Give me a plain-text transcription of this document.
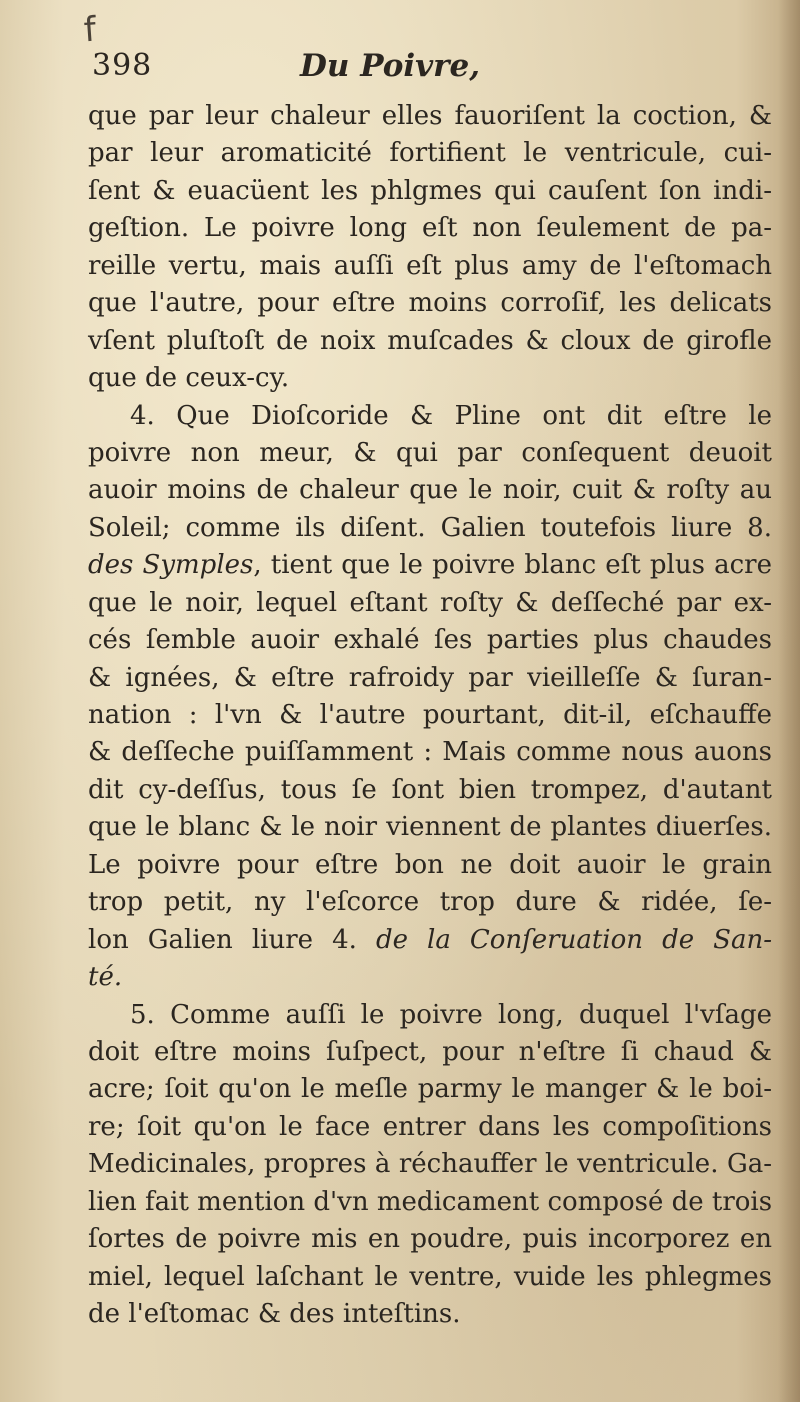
f
398	Du Poivre,
que par leur chaleur elles fauoriſent la coction, &
par leur aromaticité fortifient le ventricule, cui-
ſent & euacüent les phlgmes qui cauſent ſon indi-
geſtion. Le poivre long eſt non ſeulement de pa-
reille vertu, mais auſſi eſt plus amy de l'eſtomach
que l'autre, pour eſtre moins corroſif, les delicats
vſent pluſtoſt de noix muſcades & cloux de girofle
que de ceux-cy.
4. Que Dioſcoride & Pline ont dit eſtre le
poivre non meur, & qui par conſequent deuoit
auoir moins de chaleur que le noir, cuit & roſty au
Soleil; comme ils diſent. Galien toutefois liure 8.
des Symples, tient que le poivre blanc eſt plus acre
que le noir, lequel eſtant roſty & deſſeché par ex-
cés ſemble auoir exhalé ſes parties plus chaudes
& ignées, & eſtre rafroidy par vieilleſſe & ſuran-
nation : l'vn & l'autre pourtant, dit-il, eſchauffe
& deſſeche puiſſamment : Mais comme nous auons
dit cy-deſſus, tous ſe ſont bien trompez, d'autant
que le blanc & le noir viennent de plantes diuerſes.
Le poivre pour eſtre bon ne doit auoir le grain
trop petit, ny l'eſcorce trop dure & ridée, ſe-
lon Galien liure 4. de la Conſeruation de San-
té.
5. Comme auſſi le poivre long, duquel l'vſage
doit eſtre moins ſuſpect, pour n'eſtre ſi chaud &
acre; ſoit qu'on le meſle parmy le manger & le boi-
re; ſoit qu'on le face entrer dans les compoſitions
Medicinales, propres à réchauffer le ventricule. Ga-
lien fait mention d'vn medicament composé de trois
ſortes de poivre mis en poudre, puis incorporez en
miel, lequel laſchant le ventre, vuide les phlegmes
de l'eſtomac & des inteſtins.
